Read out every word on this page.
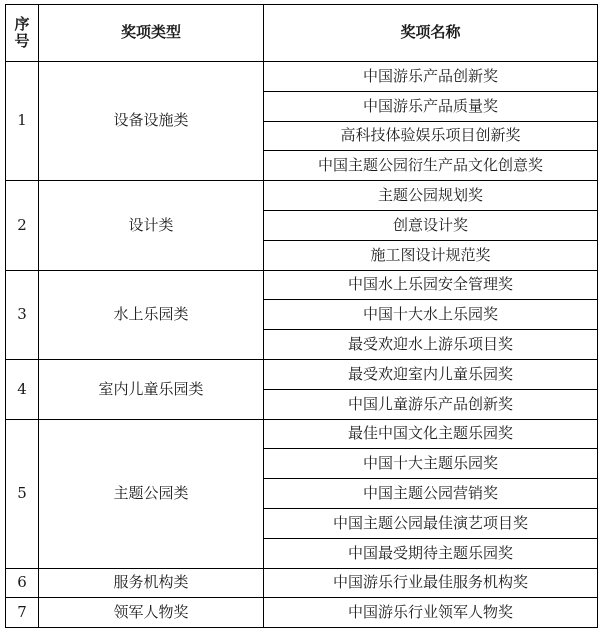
序
号	奖项类型	奖项名称
1	设备设施类	中国游乐产品创新奖
		中国游乐产品质量奖
		高科技体验娱乐项目创新奖
		中国主题公园衍生产品文化创意奖
2	设计类	主题公园规划奖
		创意设计奖
		施工图设计规范奖
3	水上乐园类	中国水上乐园安全管理奖
		中国十大水上乐园奖
		最受欢迎水上游乐项目奖
4	室内儿童乐园类	最受欢迎室内儿童乐园奖
		中国儿童游乐产品创新奖
5	主题公园类	最佳中国文化主题乐园奖
		中国十大主题乐园奖
		中国主题公园营销奖
		中国主题公园最佳演艺项目奖
		中国最受期待主题乐园奖
6	服务机构类	中国游乐行业最佳服务机构奖
7	领军人物奖	中国游乐行业领军人物奖
